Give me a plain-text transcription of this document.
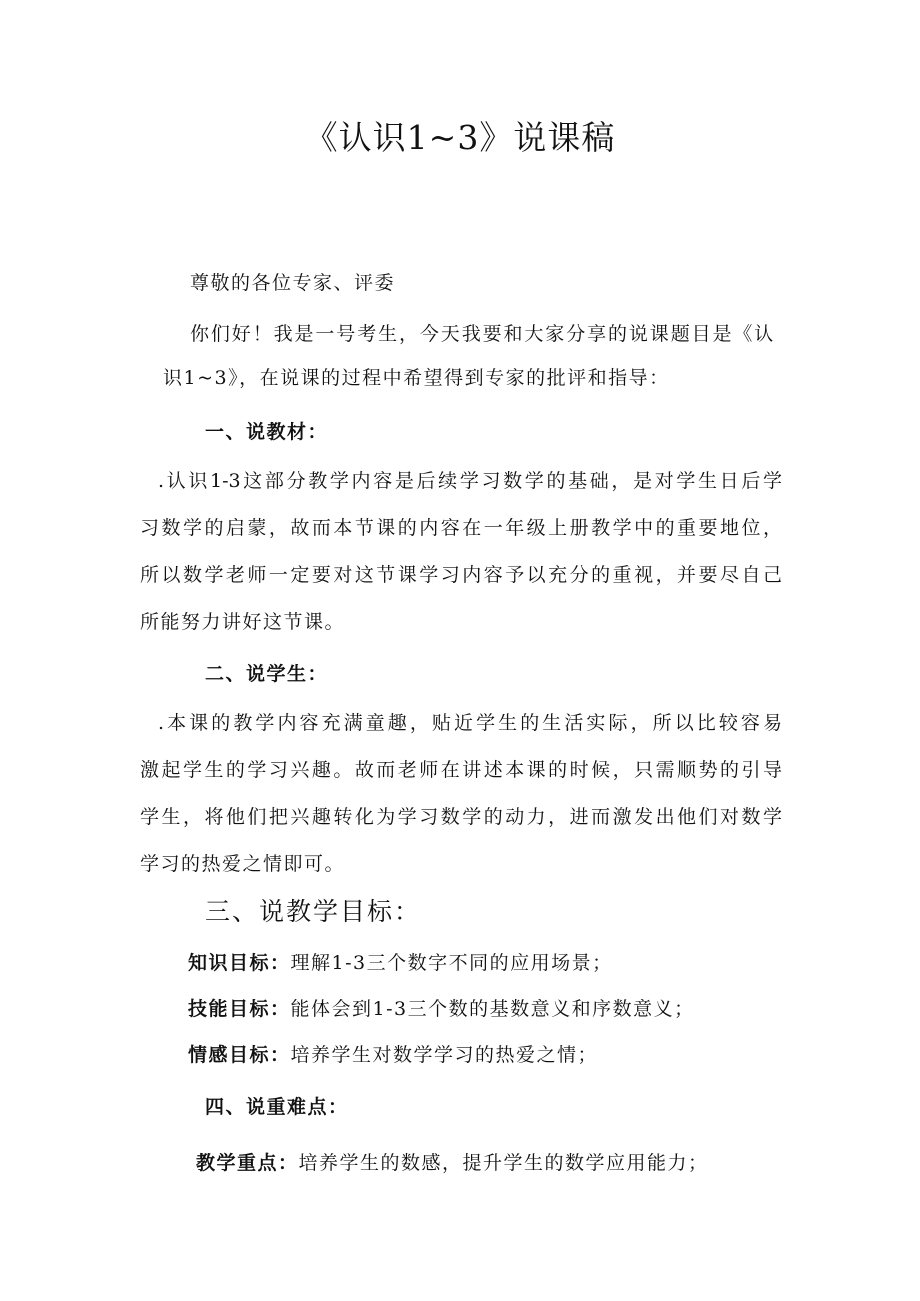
《认识1~3》说课稿
尊敬的各位专家、评委
你们好！我是一号考生，今天我要和大家分享的说课题目是《认
识1~3》，在说课的过程中希望得到专家的批评和指导：
一、说教材：
.认识1-3这部分教学内容是后续学习数学的基础，是对学生日后学
习数学的启蒙，故而本节课的内容在一年级上册教学中的重要地位，
所以数学老师一定要对这节课学习内容予以充分的重视，并要尽自己
所能努力讲好这节课。
二、说学生：
.本课的教学内容充满童趣，贴近学生的生活实际，所以比较容易
激起学生的学习兴趣。故而老师在讲述本课的时候，只需顺势的引导
学生，将他们把兴趣转化为学习数学的动力，进而激发出他们对数学
学习的热爱之情即可。
三、说教学目标：
知识目标：理解1-3三个数字不同的应用场景；
技能目标：能体会到1-3三个数的基数意义和序数意义；
情感目标：培养学生对数学学习的热爱之情；
四、说重难点：
教学重点：培养学生的数感，提升学生的数学应用能力；
